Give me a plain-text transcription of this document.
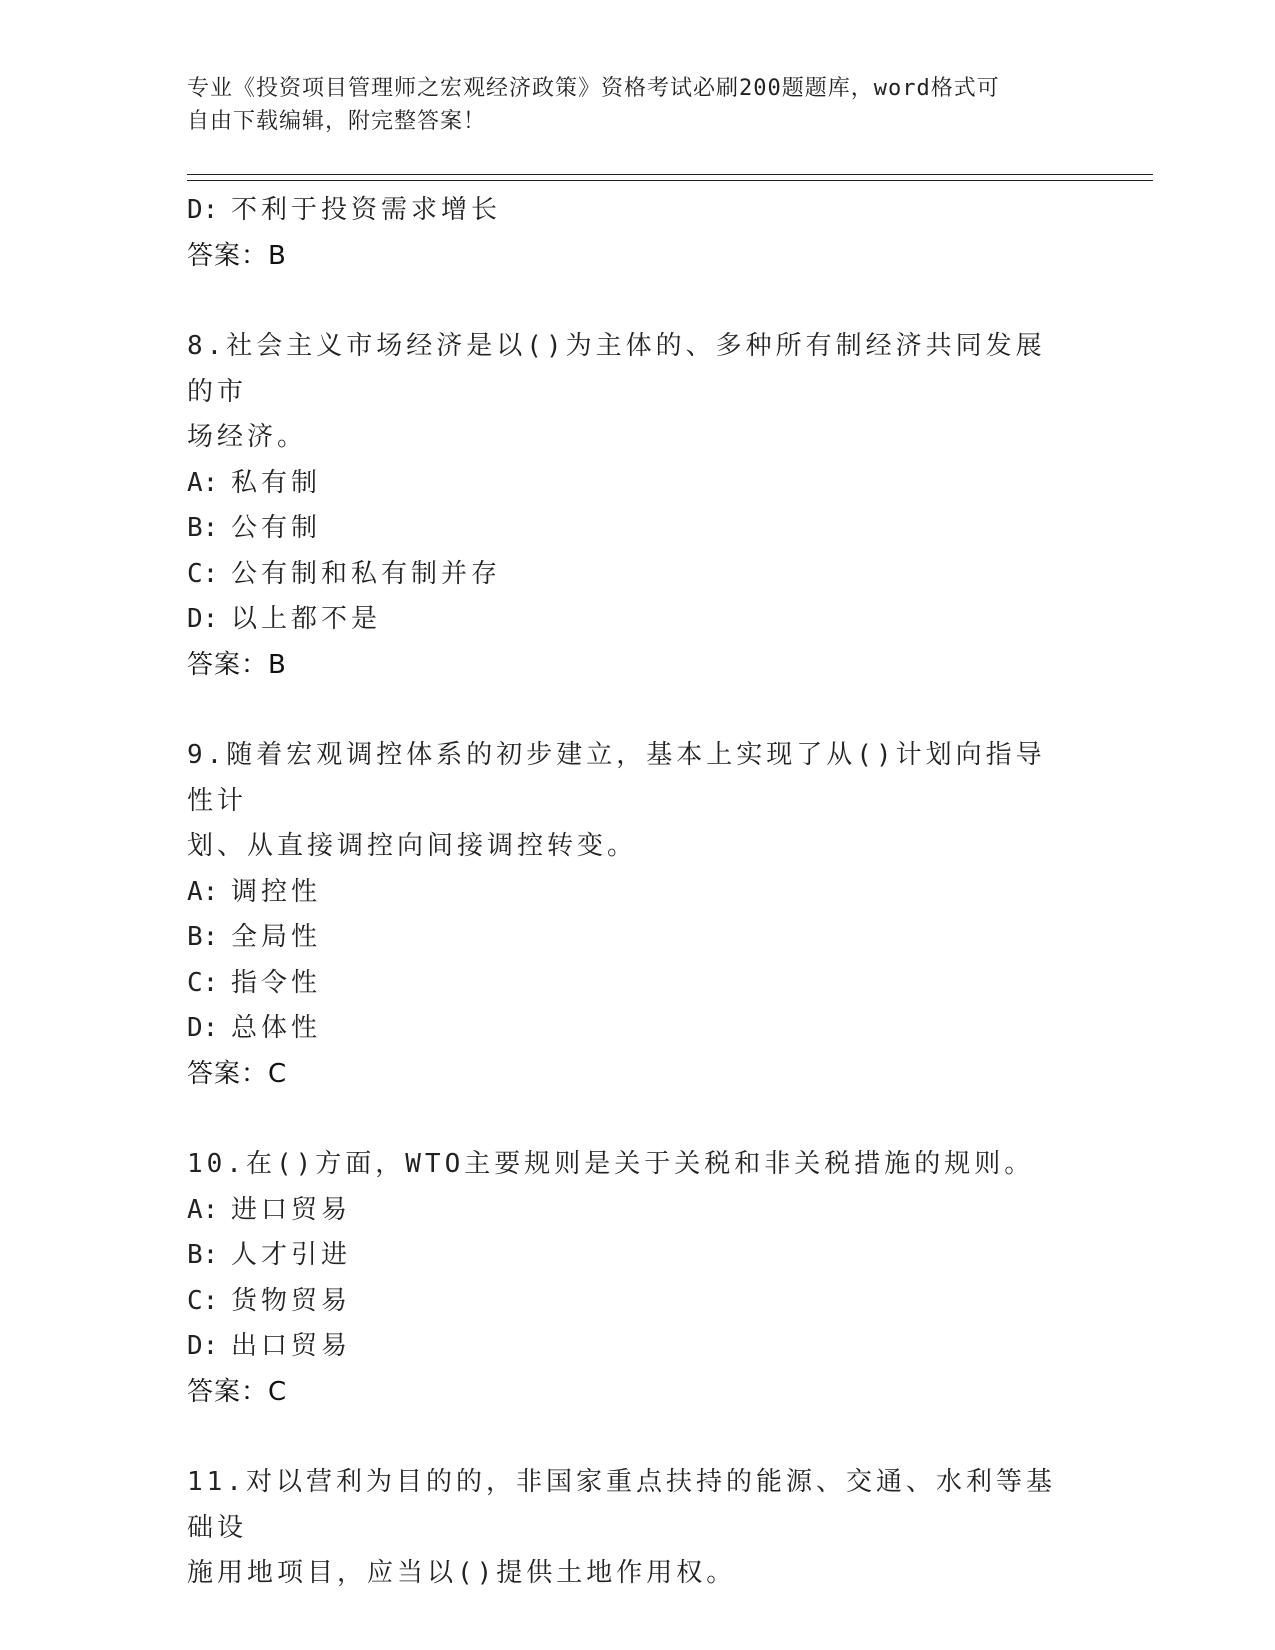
专业《投资项目管理师之宏观经济政策》资格考试必刷200题题库，word格式可
自由下载编辑，附完整答案！
D: 不利于投资需求增长
答案：B
8.社会主义市场经济是以()为主体的、多种所有制经济共同发展的市
场经济。
A: 私有制
B: 公有制
C: 公有制和私有制并存
D: 以上都不是
答案：B
9.随着宏观调控体系的初步建立，基本上实现了从()计划向指导性计
划、从直接调控向间接调控转变。
A: 调控性
B: 全局性
C: 指令性
D: 总体性
答案：C
10.在()方面，WTO主要规则是关于关税和非关税措施的规则。
A: 进口贸易
B: 人才引进
C: 货物贸易
D: 出口贸易
答案：C
11.对以营利为目的的，非国家重点扶持的能源、交通、水利等基础设
施用地项目，应当以()提供土地作用权。
